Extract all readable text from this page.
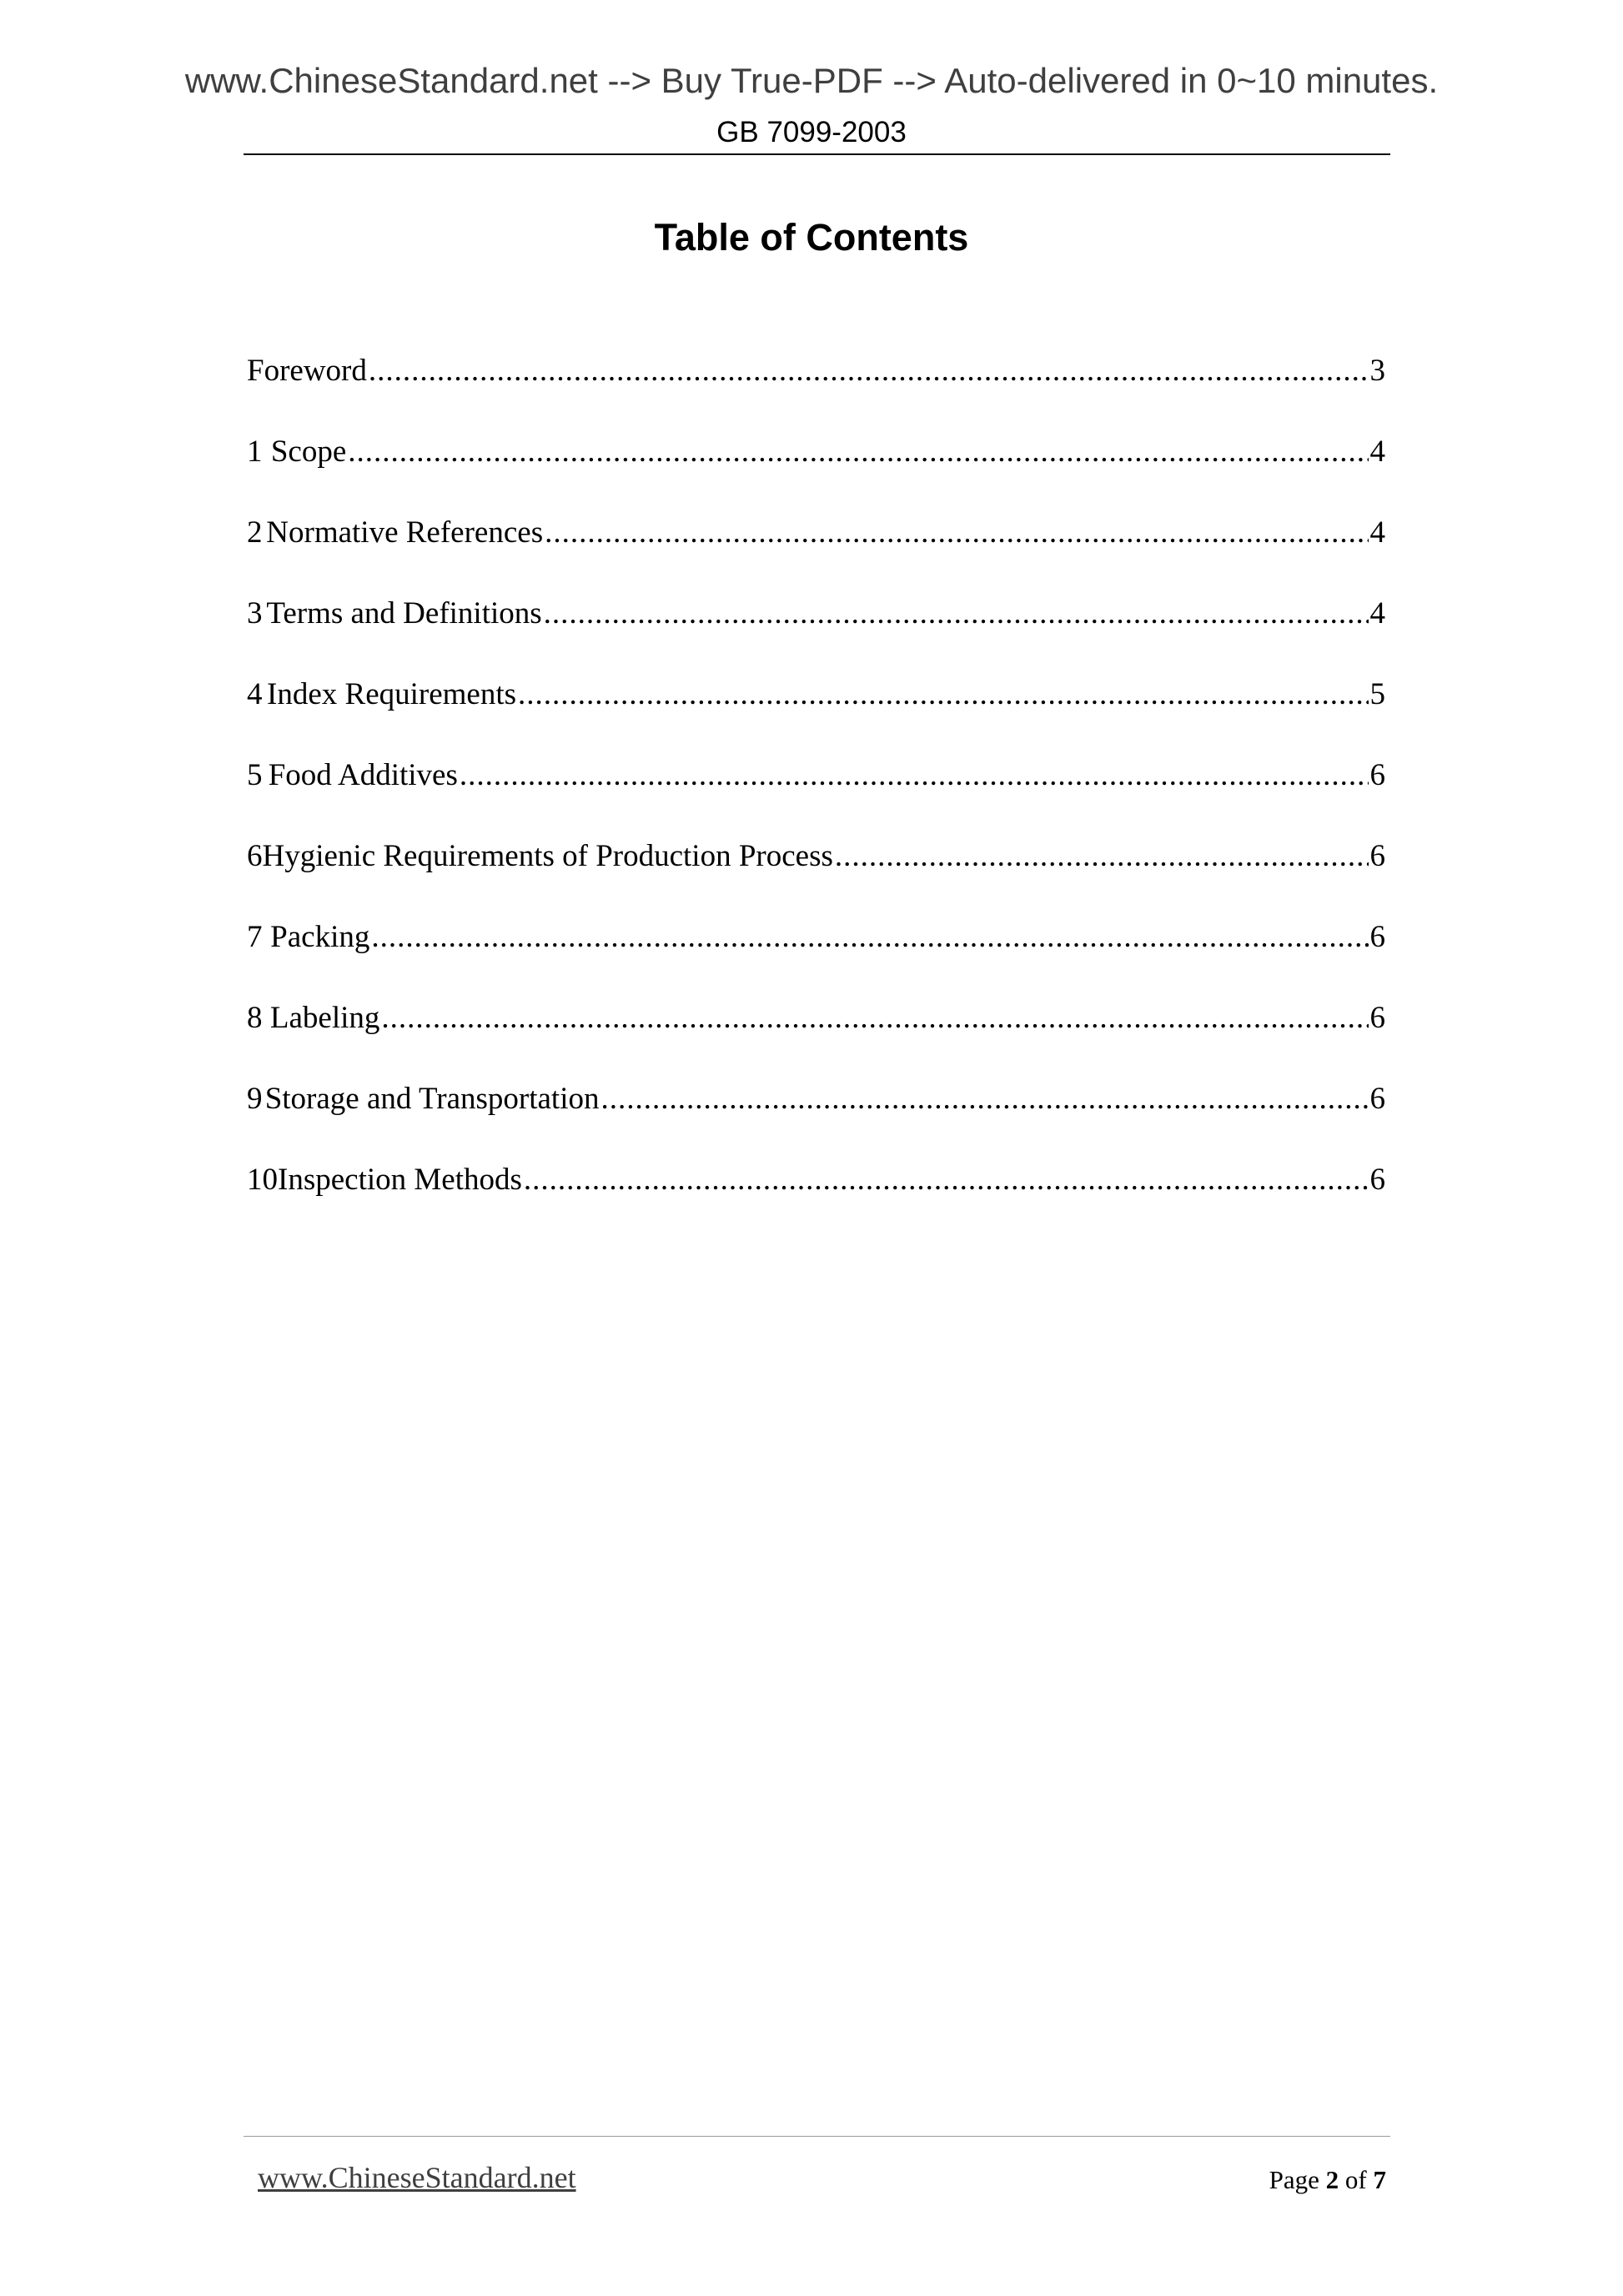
www.ChineseStandard.net --> Buy True-PDF --> Auto-delivered in 0~10 minutes.
GB 7099-2003
Table of Contents
Foreword .....	3
1 Scope .....	4
2 Normative References .....	4
3 Terms and Definitions .....	4
4 Index Requirements .....	5
5 Food Additives .....	6
6 Hygienic Requirements of Production Process .....	6
7 Packing .....	6
8 Labeling .....	6
9 Storage and Transportation .....	6
10 Inspection Methods .....	6
www.ChineseStandard.net	Page 2 of 7
